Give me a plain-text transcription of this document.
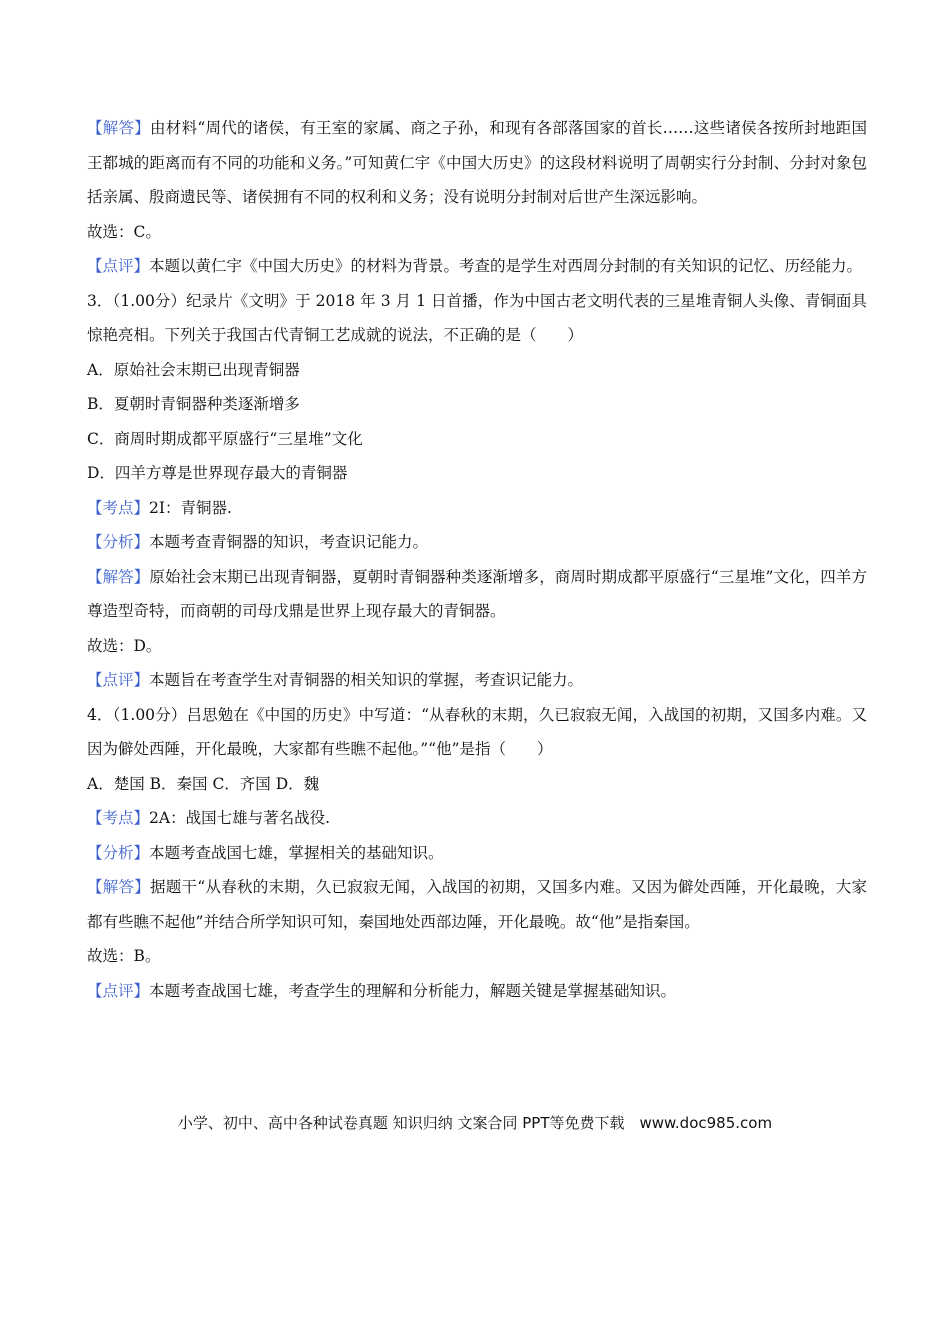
【解答】由材料“周代的诸侯，有王室的家属、商之子孙，和现有各部落国家的首长……这些诸侯各按所封地距国王都城的距离而有不同的功能和义务。”可知黄仁宇《中国大历史》的这段材料说明了周朝实行分封制、分封对象包括亲属、殷商遗民等、诸侯拥有不同的权利和义务；没有说明分封制对后世产生深远影响。

故选：C。

【点评】本题以黄仁宇《中国大历史》的材料为背景。考查的是学生对西周分封制的有关知识的记忆、历经能力。

3．（1.00分）纪录片《文明》于 2018 年 3 月 1 日首播，作为中国古老文明代表的三星堆青铜人头像、青铜面具惊艳亮相。下列关于我国古代青铜工艺成就的说法，不正确的是（　　）

A．原始社会末期已出现青铜器

B．夏朝时青铜器种类逐渐增多

C．商周时期成都平原盛行“三星堆”文化

D．四羊方尊是世界现存最大的青铜器

【考点】2I：青铜器.

【分析】本题考查青铜器的知识，考查识记能力。

【解答】原始社会末期已出现青铜器，夏朝时青铜器种类逐渐增多，商周时期成都平原盛行“三星堆”文化，四羊方尊造型奇特，而商朝的司母戊鼎是世界上现存最大的青铜器。

故选：D。

【点评】本题旨在考查学生对青铜器的相关知识的掌握，考查识记能力。

4．（1.00分）吕思勉在《中国的历史》中写道：“从春秋的末期，久已寂寂无闻，入战国的初期，又国多内难。又因为僻处西陲，开化最晚，大家都有些瞧不起他。”“他”是指（　　）

A．楚国 B．秦国 C．齐国 D．魏

【考点】2A：战国七雄与著名战役.

【分析】本题考查战国七雄，掌握相关的基础知识。

【解答】据题干“从春秋的末期，久已寂寂无闻，入战国的初期，又国多内难。又因为僻处西陲，开化最晚，大家都有些瞧不起他”并结合所学知识可知，秦国地处西部边陲，开化最晚。故“他”是指秦国。

故选：B。

【点评】本题考查战国七雄，考查学生的理解和分析能力，解题关键是掌握基础知识。

小学、初中、高中各种试卷真题 知识归纳 文案合同 PPT等免费下载　www.doc985.com
